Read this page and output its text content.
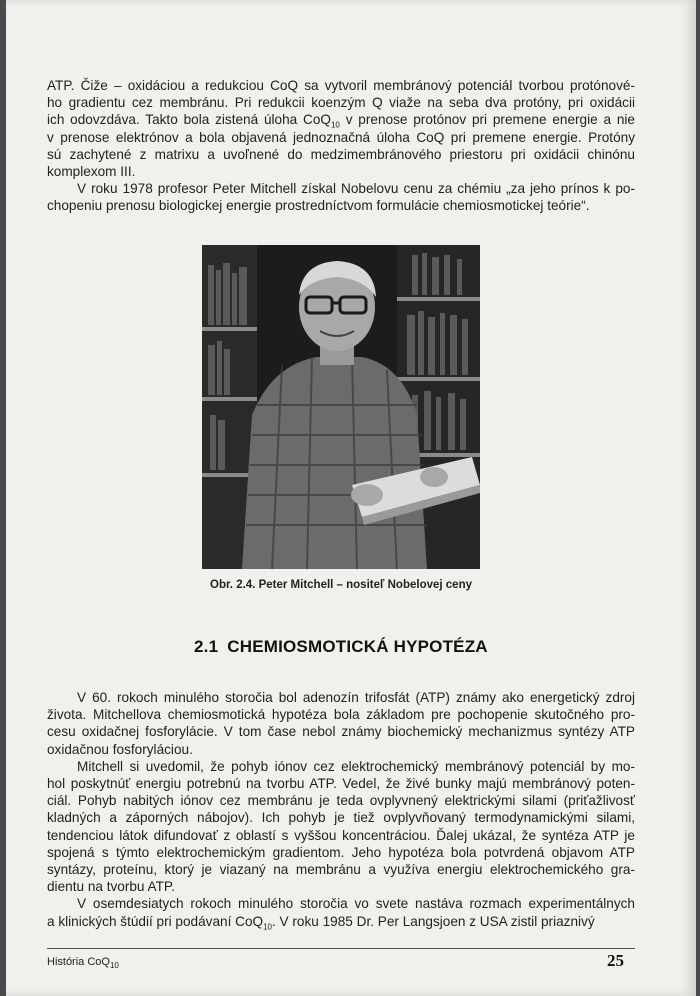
ATP. Čiže – oxidáciou a redukciou CoQ sa vytvoril membránový potenciál tvorbou protónové-
ho gradientu cez membránu. Pri redukcii koenzým Q viaže na seba dva protóny, pri oxidácii
ich odovzdáva. Takto bola zistená úloha CoQ$_{10}$ v prenose protónov pri premene energie a nie
v prenose elektrónov a bola objavená jednoznačná úloha CoQ pri premene energie. Protóny
sú zachytené z matrixu a uvoľnené do medzimembránového priestoru pri oxidácii chinónu
komplexom III.
V roku 1978 profesor Peter Mitchell získal Nobelovu cenu za chémiu „za jeho prínos k po-
chopeniu prenosu biologickej energie prostredníctvom formulácie chemiosmotickej teórie“.
Obr. 2.4. Peter Mitchell – nositeľ Nobelovej ceny
2.1 CHEMIOSMOTICKÁ HYPOTÉZA
V 60. rokoch minulého storočia bol adenozín trifosfát (ATP) známy ako energetický zdroj
života. Mitchellova chemiosmotická hypotéza bola základom pre pochopenie skutočného pro-
cesu oxidačnej fosforylácie. V tom čase nebol známy biochemický mechanizmus syntézy ATP
oxidačnou fosforyláciou.
Mitchell si uvedomil, že pohyb iónov cez elektrochemický membránový potenciál by mo-
hol poskytnúť energiu potrebnú na tvorbu ATP. Vedel, že živé bunky majú membránový poten-
ciál. Pohyb nabitých iónov cez membránu je teda ovplyvnený elektrickými silami (priťažlivosť
kladných a záporných nábojov). Ich pohyb je tiež ovplyvňovaný termodynamickými silami,
tendenciou látok difundovať z oblastí s vyššou koncentráciou. Ďalej ukázal, že syntéza ATP je
spojená s týmto elektrochemickým gradientom. Jeho hypotéza bola potvrdená objavom ATP
syntázy, proteínu, ktorý je viazaný na membránu a využíva energiu elektrochemického gra-
dientu na tvorbu ATP.
V osemdesiatych rokoch minulého storočia vo svete nastáva rozmach experimentálnych
a klinických štúdií pri podávaní CoQ$_{10}$. V roku 1985 Dr. Per Langsjoen z USA zistil priaznivý
História CoQ$_{10}$	25
